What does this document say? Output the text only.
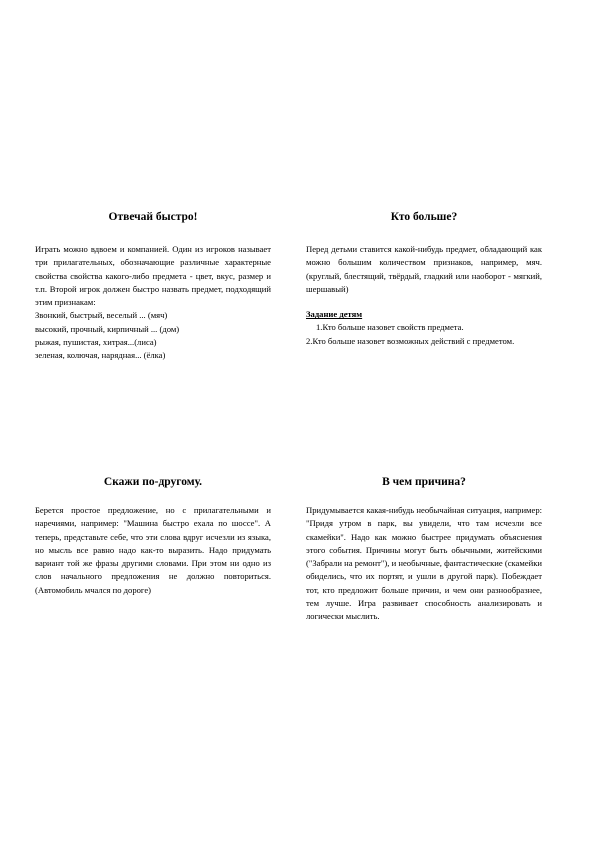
Отвечай быстро!

Играть можно вдвоем и компанией. Один из игроков называет три прилагательных, обозначающие различные характерные свойства свойства какого-либо предмета - цвет, вкус, размер и т.п. Второй игрок должен быстро назвать предмет, подходящий этим признакам:

Звонкий, быстрый, веселый ... (мяч)

высокий, прочный, кирпичный ... (дом)

рыжая, пушистая, хитрая...(лиса)

зеленая, колючая, нарядная... (ёлка)

Кто больше?

Перед детьми ставится какой-нибудь предмет, обладающий как можно большим количеством признаков, например, мяч. (круглый, блестящий, твёрдый, гладкий или наоборот - мягкий, шершавый)

Задание детям

1.Кто больше назовет свойств предмета.

2.Кто больше назовет возможных действий с предметом.

Скажи по-другому.

Берется простое предложение, но с прилагательными и наречиями, например: "Машина быстро ехала по шоссе". А теперь, представьте себе, что эти слова вдруг исчезли из языка, но мысль все равно надо как-то выразить. Надо придумать вариант той же фразы другими словами. При этом ни одно из слов начального предложения не должно повториться. (Автомобиль мчался по дороге)

В чем причина?

Придумывается какая-нибудь необычайная ситуация, например: "Придя утром в парк, вы увидели, что там исчезли все скамейки". Надо как можно быстрее придумать объяснения этого события. Причины могут быть обычными, житейскими ("Забрали на ремонт"), и необычные, фантастические (скамейки обиделись, что их портят, и ушли в другой парк). Побеждает тот, кто предложит больше причин, и чем они разнообразнее, тем лучше. Игра развивает способность анализировать и логически мыслить.
